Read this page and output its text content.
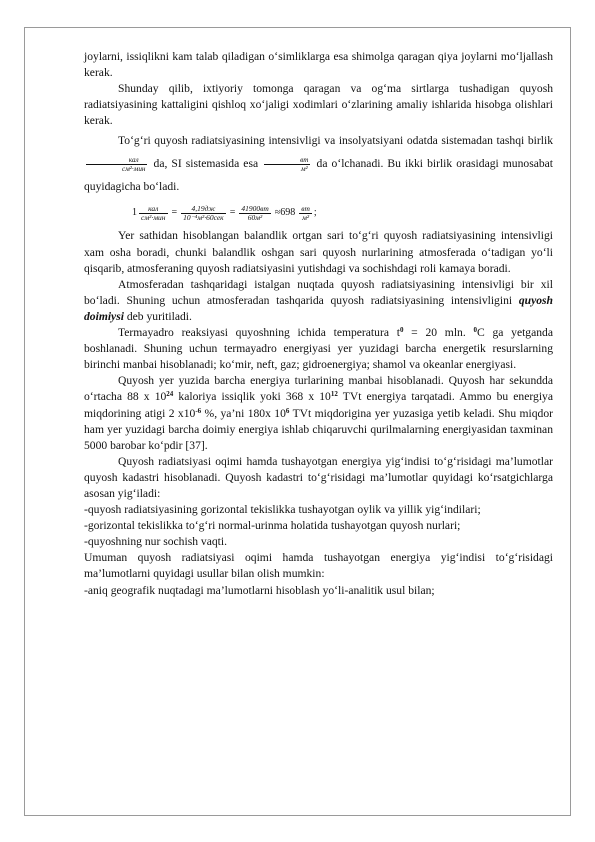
joylarni, issiqlikni kam talab qiladigan o‘simliklarga esa shimolga qaragan qiya joylarni mo‘ljallash kerak.

Shunday qilib, ixtiyoriy tomonga qaragan va og‘ma sirtlarga tushadigan quyosh radiatsiyasining kattaligini qishloq xo‘jaligi xodimlari o‘zlarining amaliy ishlarida hisobga olishlari kerak.

To‘g‘ri quyosh radiatsiyasining intensivligi va insolyatsiyani odatda sistemadan tashqi birlik
$\frac{\text{кал}}{\text{см²·мин}}$ da, SI sistemasida esa $\frac{вт}{\text{м²}}$ da o‘lchanadi. Bu ikki birlik orasidagi munosabat quyidagicha bo‘ladi.

$1 \frac{\text{кал}}{\text{см²·мин}} = \frac{4,19дж}{\text{10⁻⁴м²·60сек}} = \frac{41900вт}{\text{60м²}} \approx 698 \frac{вт}{\text{м²}}$ ;

Yer sathidan hisoblangan balandlik ortgan sari to‘g‘ri quyosh radiatsiyasining intensivligi xam osha boradi, chunki balandlik oshgan sari quyosh nurlarining atmosferada o‘tadigan yo‘li qisqarib, atmosferaning quyosh radiatsiyasini yutishdagi va sochishdagi roli kamaya boradi.

Atmosferadan tashqaridagi istalgan nuqtada quyosh radiatsiyasining intensivligi bir xil bo‘ladi. Shuning uchun atmosferadan tashqarida quyosh radiatsiyasining intensivligini quyosh doimiysi deb yuritiladi.

Termayadro reaksiyasi quyoshning ichida temperatura $t^0 = 20$ mln. $^0$C ga yetganda boshlanadi. Shuning uchun termayadro energiyasi yer yuzidagi barcha energetik resurslarning birinchi manbai hisoblanadi; ko‘mir, neft, gaz; gidroenergiya; shamol va okeanlar energiyasi.

Quyosh yer yuzida barcha energiya turlarining manbai hisoblanadi. Quyosh har sekundda o‘rtacha 88 x $10^{24}$ kaloriya issiqlik yoki 368 x $10^{12}$ TVt energiya tarqatadi. Ammo bu energiya miqdorining atigi 2 $x10^{-6}$ %, ya’ni 180x $10^6$ TVt miqdorigina yer yuzasiga yetib keladi. Shu miqdor ham yer yuzidagi barcha doimiy energiya ishlab chiqaruvchi qurilmalarning energiyasidan taxminan 5000 barobar ko‘pdir [37].

Quyosh radiatsiyasi oqimi hamda tushayotgan energiya yig‘indisi to‘g‘risidagi ma’lumotlar quyosh kadastri hisoblanadi. Quyosh kadastri to‘g‘risidagi ma’lumotlar quyidagi ko‘rsatgichlarga asosan yig‘iladi:

-quyosh radiatsiyasining gorizontal tekislikka tushayotgan oylik va yillik yig‘indilari;

-gorizontal tekislikka to‘g‘ri normal-urinma holatida tushayotgan quyosh nurlari;

-quyoshning nur sochish vaqti.

Umuman quyosh radiatsiyasi oqimi hamda tushayotgan energiya yig‘indisi to‘g‘risidagi ma’lumotlarni quyidagi usullar bilan olish mumkin:

-aniq geografik nuqtadagi ma’lumotlarni hisoblash yo‘li-analitik usul bilan;
